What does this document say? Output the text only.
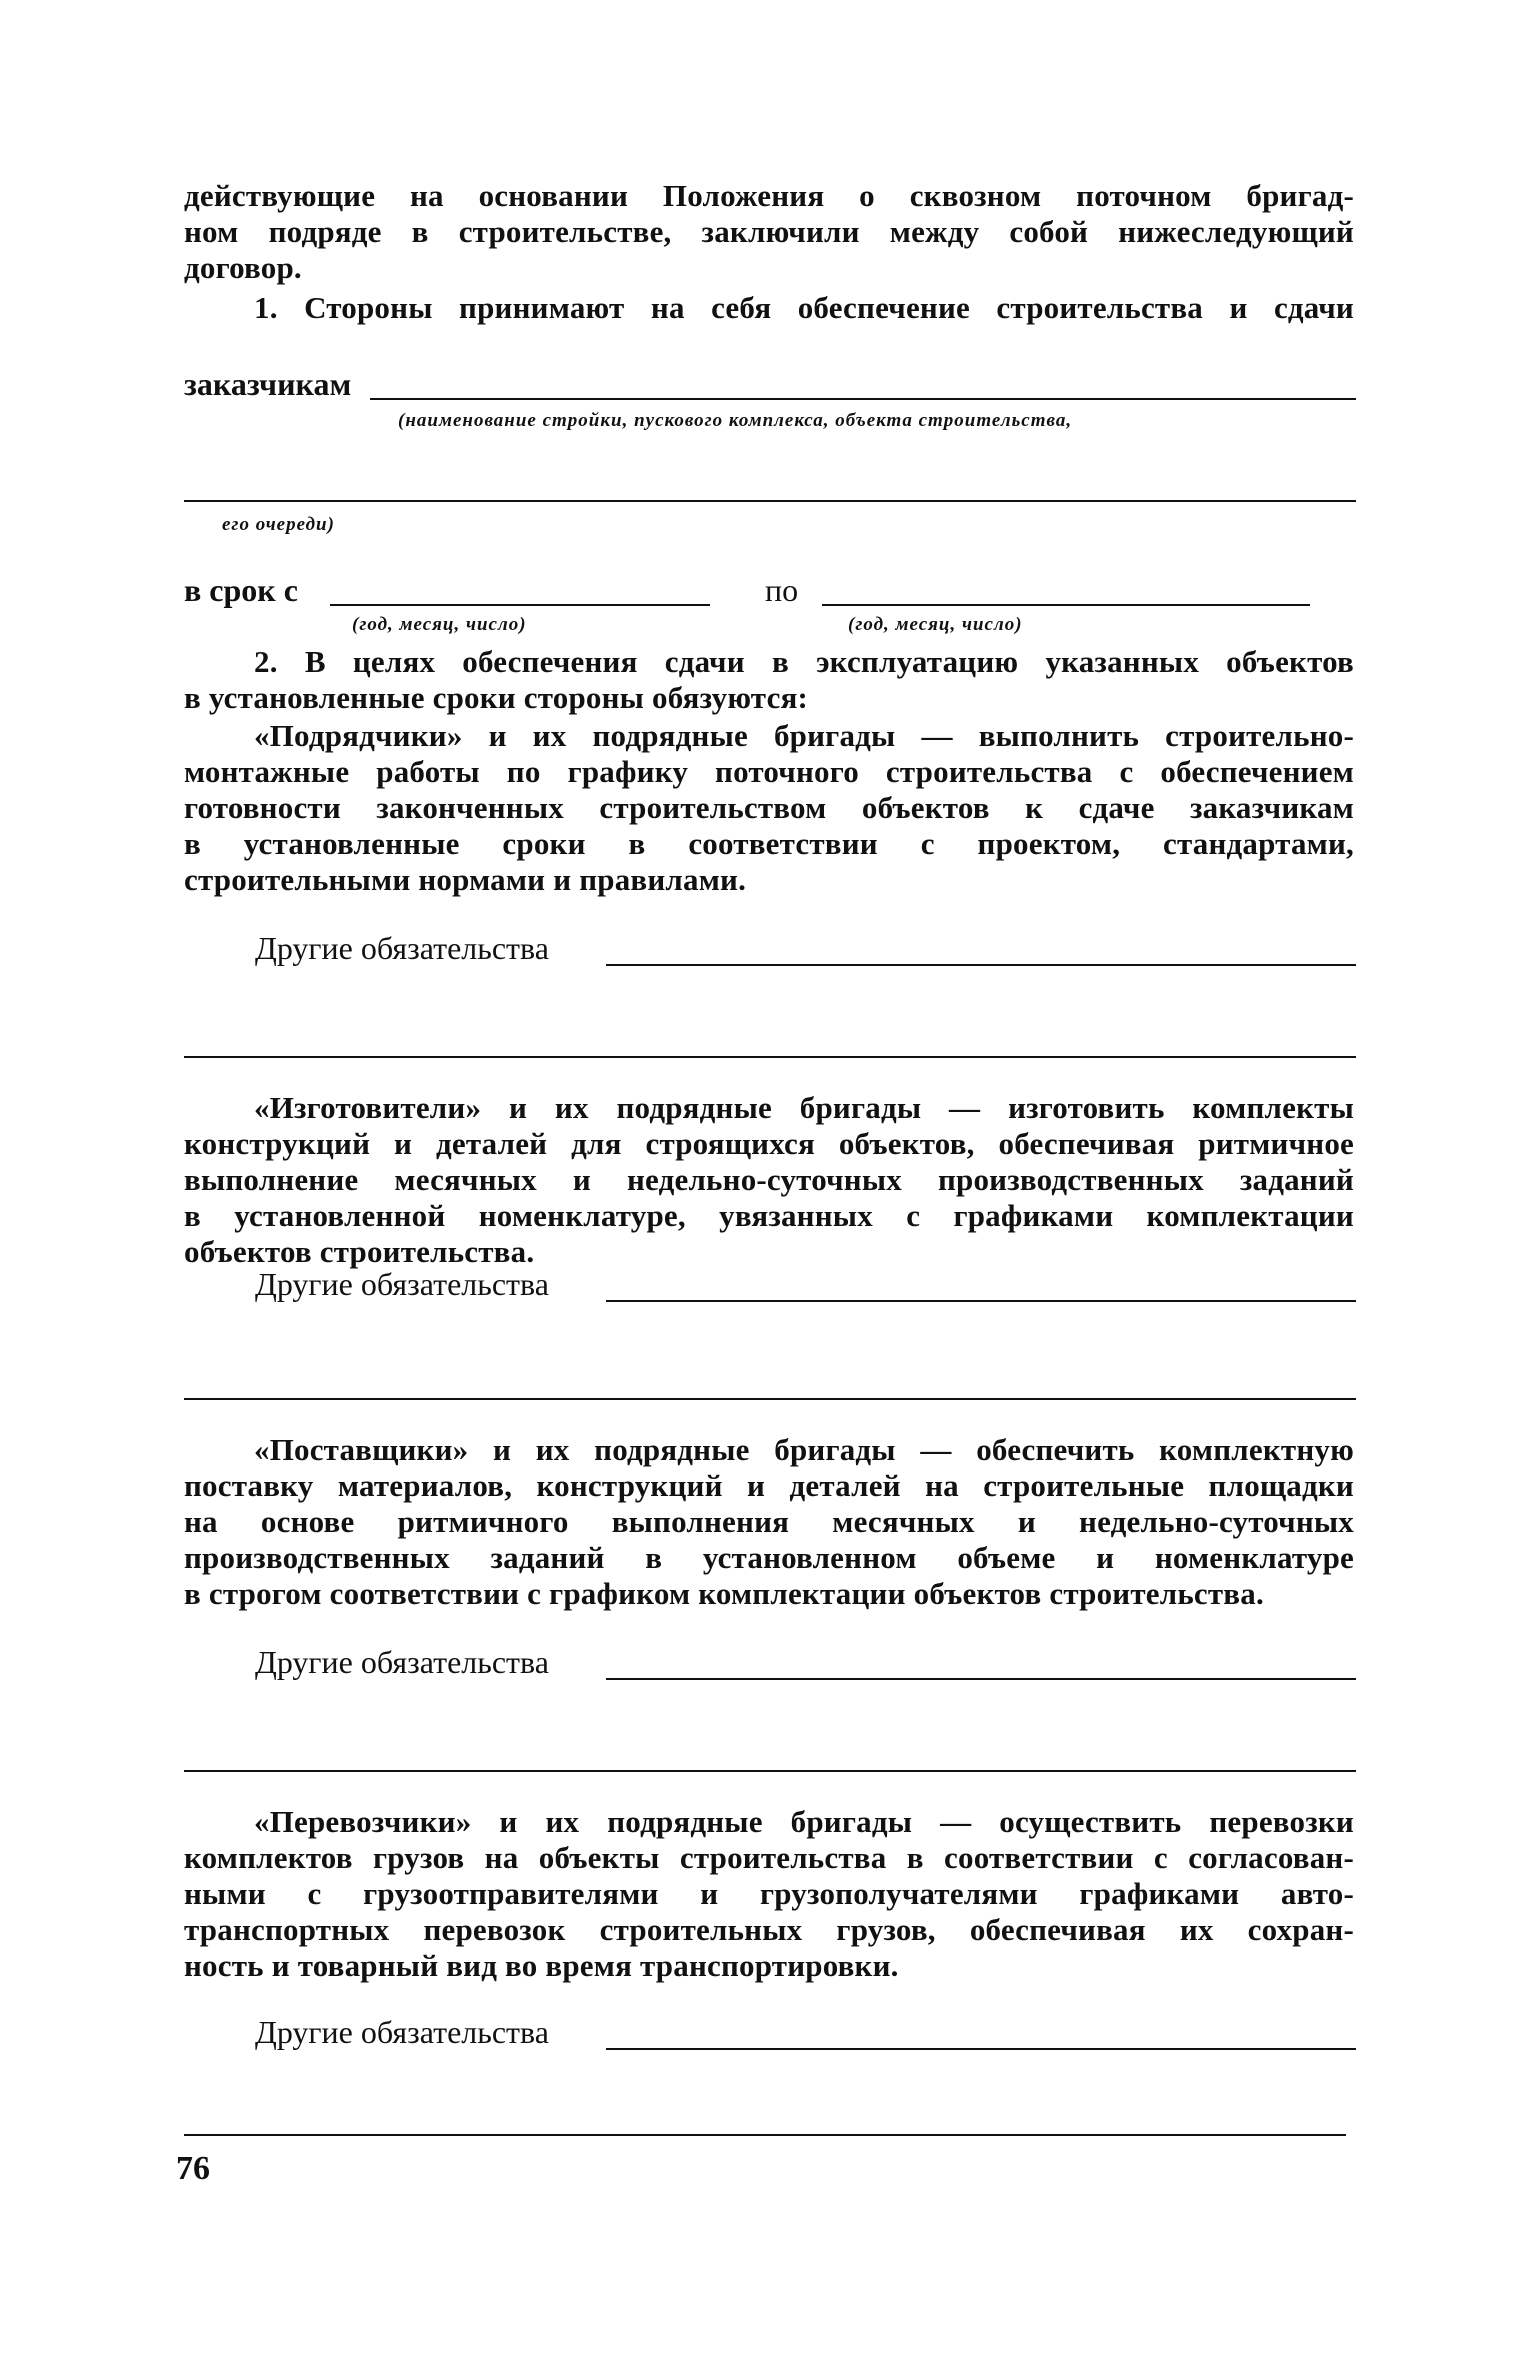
действующие на основании Положения о сквозном поточном бригад-
ном подряде в строительстве, заключили между собой нижеследующий
договор.
1. Стороны принимают на себя обеспечение строительства и сдачи
заказчикам
(наименование стройки, пускового комплекса, объекта строительства,
его очереди)
в срок с	по
(год, месяц, число)	(год, месяц, число)
2. В целях обеспечения сдачи в эксплуатацию указанных объектов
в установленные сроки стороны обязуются:
«Подрядчики» и их подрядные бригады — выполнить строительно-
монтажные работы по графику поточного строительства с обеспечением
готовности законченных строительством объектов к сдаче заказчикам
в установленные сроки в соответствии с проектом, стандартами,
строительными нормами и правилами.
Другие обязательства
«Изготовители» и их подрядные бригады — изготовить комплекты
конструкций и деталей для строящихся объектов, обеспечивая ритмичное
выполнение месячных и недельно-суточных производственных заданий
в установленной номенклатуре, увязанных с графиками комплектации
объектов строительства.
Другие обязательства
«Поставщики» и их подрядные бригады — обеспечить комплектную
поставку материалов, конструкций и деталей на строительные площадки
на основе ритмичного выполнения месячных и недельно-суточных
производственных заданий в установленном объеме и номенклатуре
в строгом соответствии с графиком комплектации объектов строительства.
Другие обязательства
«Перевозчики» и их подрядные бригады — осуществить перевозки
комплектов грузов на объекты строительства в соответствии с согласован-
ными с грузоотправителями и грузополучателями графиками авто-
транспортных перевозок строительных грузов, обеспечивая их сохран-
ность и товарный вид во время транспортировки.
Другие обязательства
76
